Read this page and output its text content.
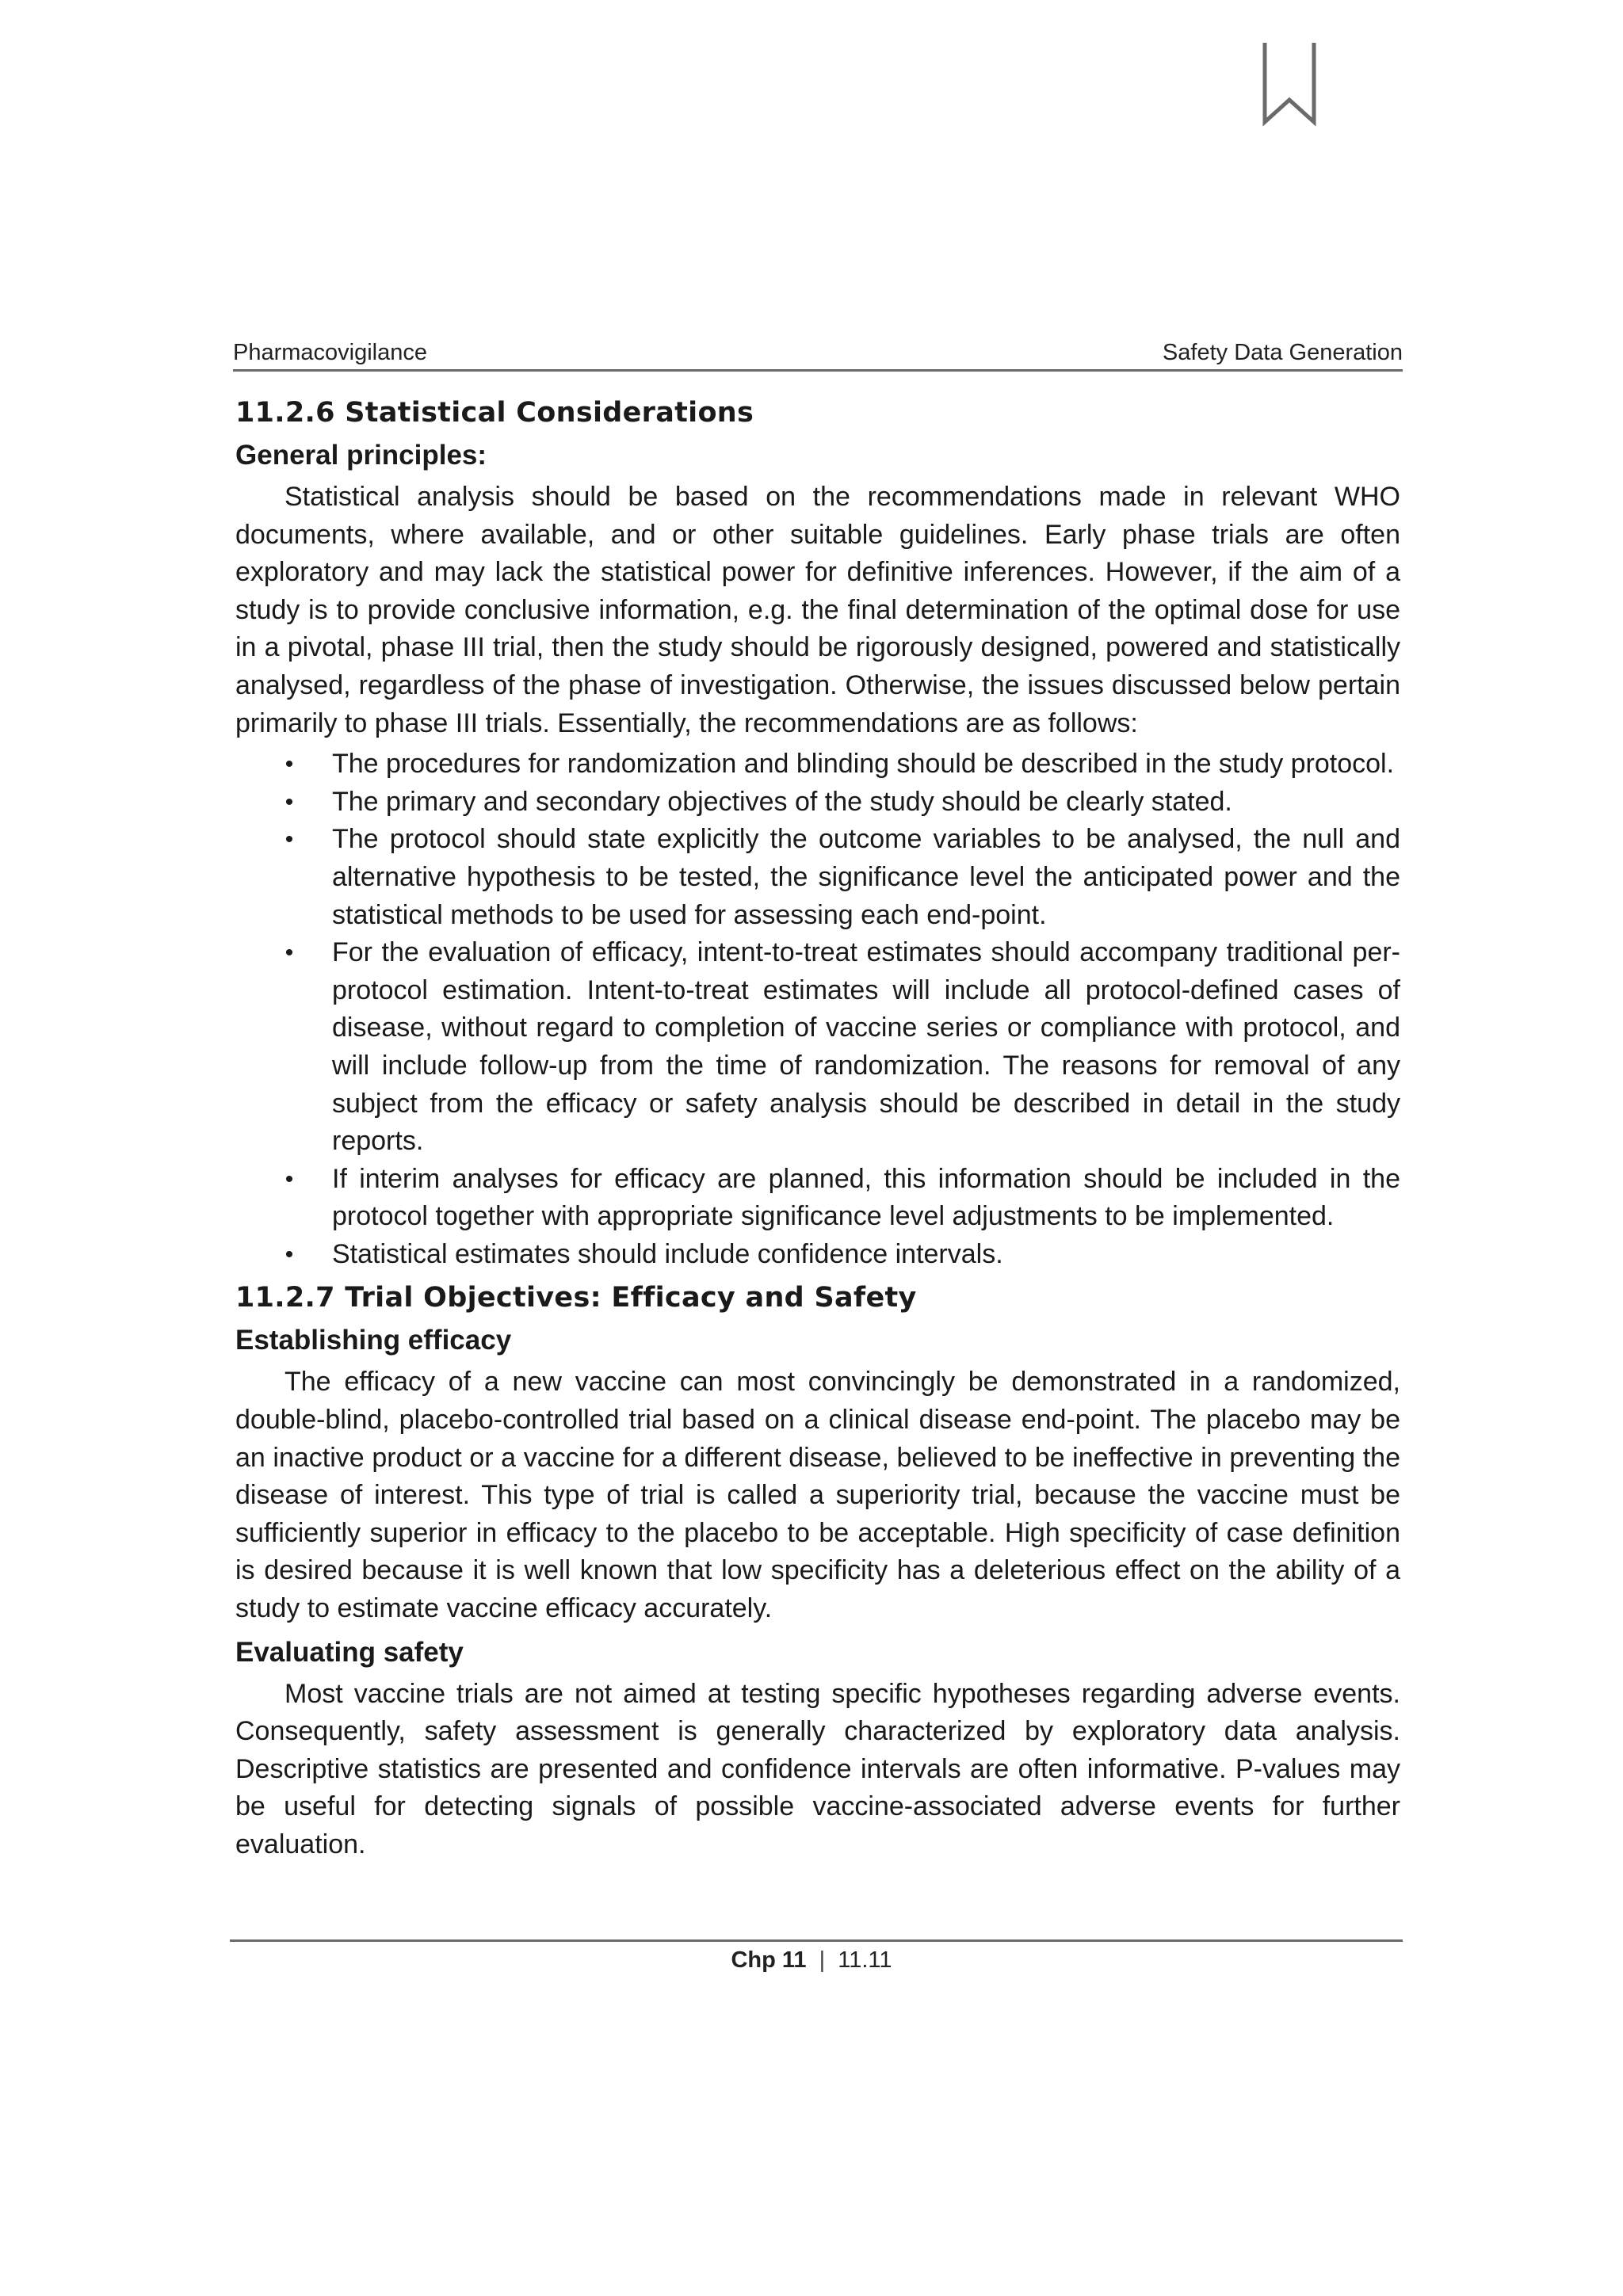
Pharmacovigilance	Safety Data Generation
11.2.6 Statistical Considerations
General principles:

Statistical analysis should be based on the recommendations made in relevant WHO documents, where available, and or other suitable guidelines. Early phase trials are often exploratory and may lack the statistical power for definitive inferences. However, if the aim of a study is to provide conclusive information, e.g. the final determination of the optimal dose for use in a pivotal, phase III trial, then the study should be rigorously designed, powered and statistically analysed, regardless of the phase of investigation. Otherwise, the issues discussed below pertain primarily to phase III trials. Essentially, the recommendations are as follows:

• The procedures for randomization and blinding should be described in the study protocol.
• The primary and secondary objectives of the study should be clearly stated.
• The protocol should state explicitly the outcome variables to be analysed, the null and alternative hypothesis to be tested, the significance level the anticipated power and the statistical methods to be used for assessing each end-point.
• For the evaluation of efficacy, intent-to-treat estimates should accompany traditional per-protocol estimation. Intent-to-treat estimates will include all protocol-defined cases of disease, without regard to completion of vaccine series or compliance with protocol, and will include follow-up from the time of randomization. The reasons for removal of any subject from the efficacy or safety analysis should be described in detail in the study reports.
• If interim analyses for efficacy are planned, this information should be included in the protocol together with appropriate significance level adjustments to be implemented.
• Statistical estimates should include confidence intervals.
11.2.7 Trial Objectives: Efficacy and Safety
Establishing efficacy

The efficacy of a new vaccine can most convincingly be demonstrated in a randomized, double-blind, placebo-controlled trial based on a clinical disease end-point. The placebo may be an inactive product or a vaccine for a different disease, believed to be ineffective in preventing the disease of interest. This type of trial is called a superiority trial, because the vaccine must be sufficiently superior in efficacy to the placebo to be acceptable. High specificity of case definition is desired because it is well known that low specificity has a deleterious effect on the ability of a study to estimate vaccine efficacy accurately.

Evaluating safety

Most vaccine trials are not aimed at testing specific hypotheses regarding adverse events. Consequently, safety assessment is generally characterized by exploratory data analysis. Descriptive statistics are presented and confidence intervals are often informative. P-values may be useful for detecting signals of possible vaccine-associated adverse events for further evaluation.

Chp 11 | 11.11
